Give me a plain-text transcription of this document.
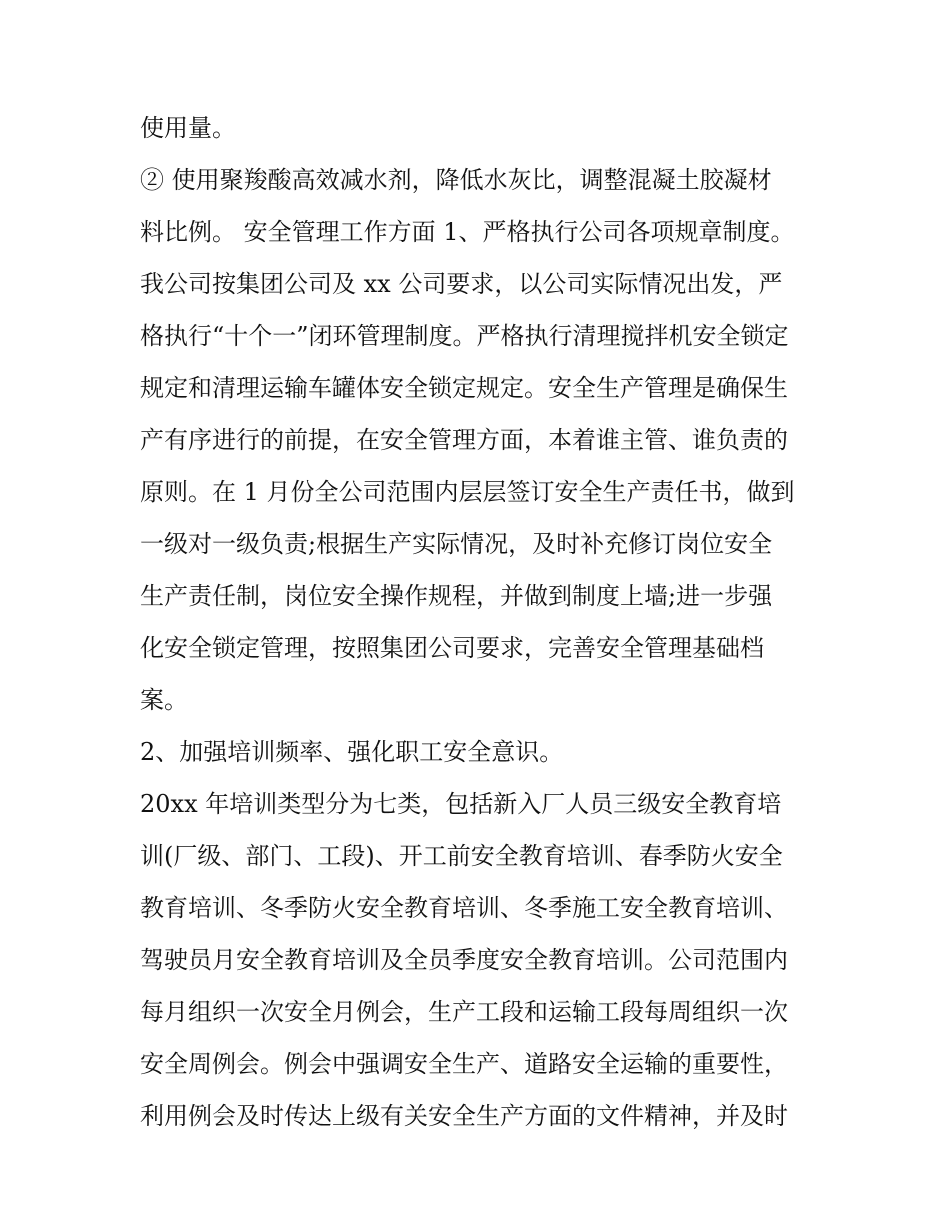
使用量。
② 使用聚羧酸高效减水剂，降低水灰比，调整混凝土胶凝材
料比例。 安全管理工作方面 1、严格执行公司各项规章制度。
我公司按集团公司及 xx 公司要求，以公司实际情况出发，严
格执行“十个一”闭环管理制度。严格执行清理搅拌机安全锁定
规定和清理运输车罐体安全锁定规定。安全生产管理是确保生
产有序进行的前提，在安全管理方面，本着谁主管、谁负责的
原则。在 1 月份全公司范围内层层签订安全生产责任书，做到
一级对一级负责;根据生产实际情况，及时补充修订岗位安全
生产责任制，岗位安全操作规程，并做到制度上墙;进一步强
化安全锁定管理，按照集团公司要求，完善安全管理基础档
案。
2、加强培训频率、强化职工安全意识。
20xx 年培训类型分为七类，包括新入厂人员三级安全教育培
训(厂级、部门、工段)、开工前安全教育培训、春季防火安全
教育培训、冬季防火安全教育培训、冬季施工安全教育培训、
驾驶员月安全教育培训及全员季度安全教育培训。公司范围内
每月组织一次安全月例会，生产工段和运输工段每周组织一次
安全周例会。例会中强调安全生产、道路安全运输的重要性，
利用例会及时传达上级有关安全生产方面的文件精神，并及时
